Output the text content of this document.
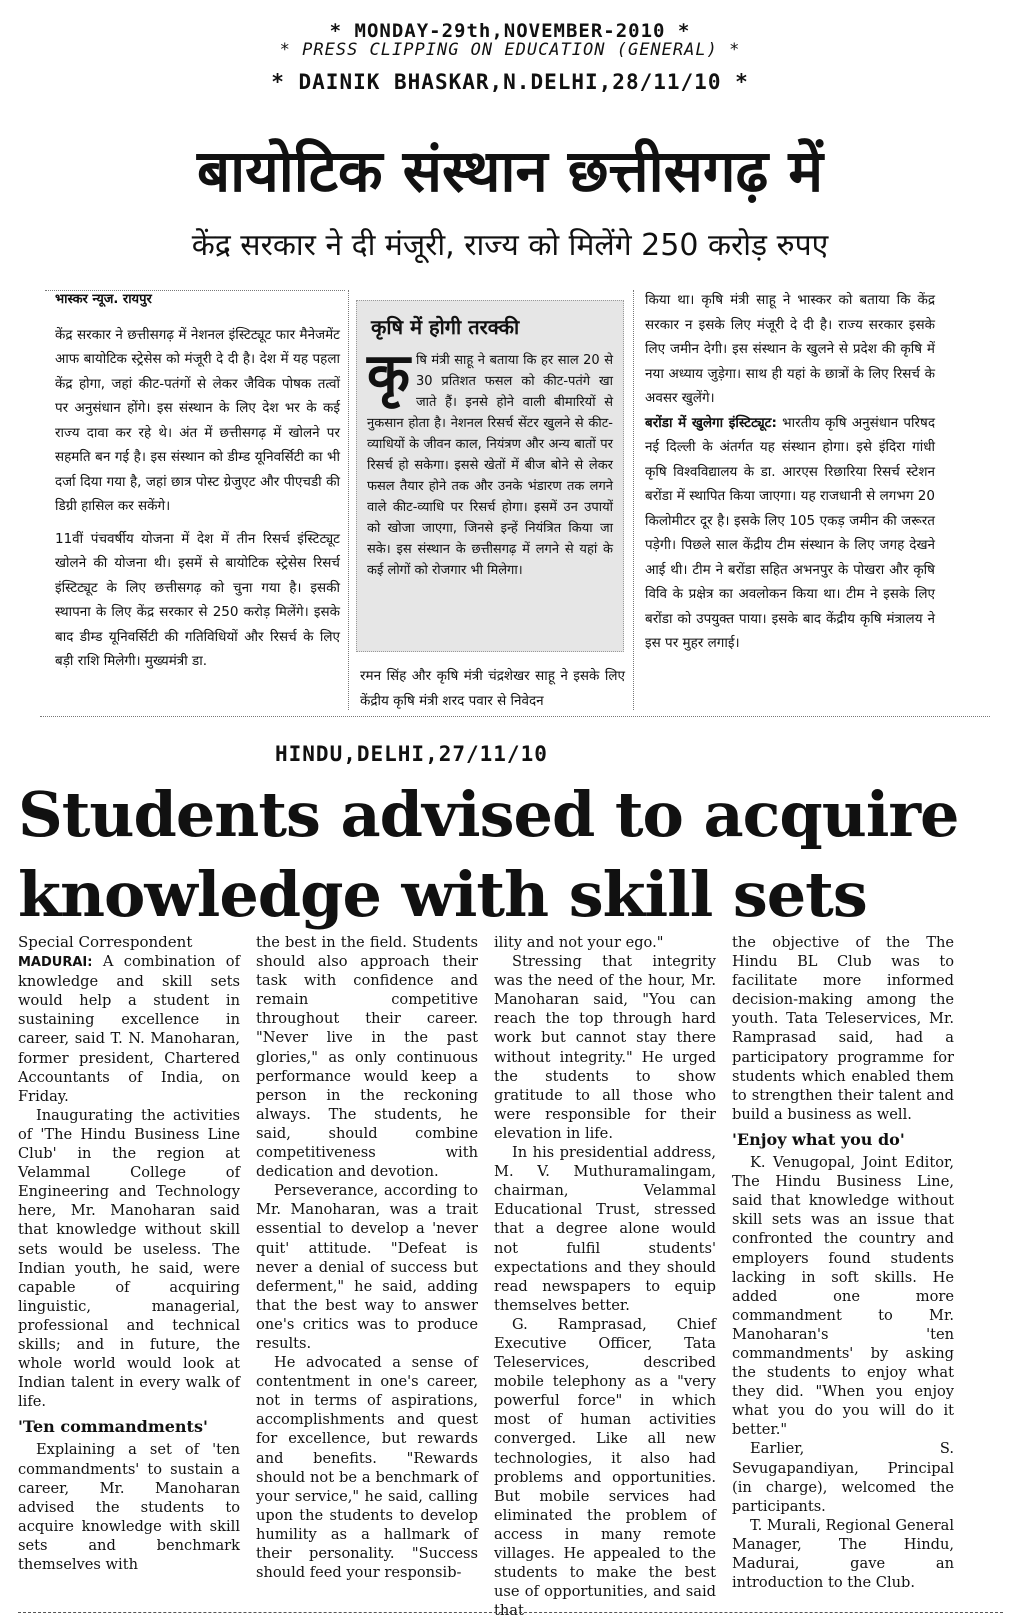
* MONDAY-29th,NOVEMBER-2010 *
* PRESS CLIPPING ON EDUCATION (GENERAL) *
* DAINIK BHASKAR,N.DELHI,28/11/10 *
बायोटिक संस्थान छत्तीसगढ़ में
केंद्र सरकार ने दी मंजूरी, राज्य को मिलेंगे 250 करोड़ रुपए

भास्कर न्यूज. रायपुर

केंद्र सरकार ने छत्तीसगढ़ में नेशनल इंस्टिट्यूट फार मैनेजमेंट आफ बायोटिक स्ट्रेसेस को मंजूरी दे दी है। देश में यह पहला केंद्र होगा, जहां कीट-पतंगों से लेकर जैविक पोषक तत्वों पर अनुसंधान होंगे। इस संस्थान के लिए देश भर के कई राज्य दावा कर रहे थे। अंत में छत्तीसगढ़ में खोलने पर सहमति बन गई है। इस संस्थान को डीम्ड यूनिवर्सिटी का भी दर्जा दिया गया है, जहां छात्र पोस्ट ग्रेजुएट और पीएचडी की डिग्री हासिल कर सकेंगे।

11वीं पंचवर्षीय योजना में देश में तीन रिसर्च इंस्टिट्यूट खोलने की योजना थी। इसमें से बायोटिक स्ट्रेसेस रिसर्च इंस्टिट्यूट के लिए छत्तीसगढ़ को चुना गया है। इसकी स्थापना के लिए केंद्र सरकार से 250 करोड़ मिलेंगे। इसके बाद डीम्ड यूनिवर्सिटी की गतिविधियों और रिसर्च के लिए बड़ी राशि मिलेगी। मुख्यमंत्री डा.

कृषि में होगी तरक्की
कृषि मंत्री साहू ने बताया कि हर साल 20 से 30 प्रतिशत फसल को कीट-पतंगे खा जाते हैं। इनसे होने वाली बीमारियों से नुकसान होता है। नेशनल रिसर्च सेंटर खुलने से कीट-व्याधियों के जीवन काल, नियंत्रण और अन्य बातों पर रिसर्च हो सकेगा। इससे खेतों में बीज बोने से लेकर फसल तैयार होने तक और उनके भंडारण तक लगने वाले कीट-व्याधि पर रिसर्च होगा। इसमें उन उपायों को खोजा जाएगा, जिनसे इन्हें नियंत्रित किया जा सके। इस संस्थान के छत्तीसगढ़ में लगने से यहां के कई लोगों को रोजगार भी मिलेगा।

रमन सिंह और कृषि मंत्री चंद्रशेखर साहू ने इसके लिए केंद्रीय कृषि मंत्री शरद पवार से निवेदन

किया था। कृषि मंत्री साहू ने भास्कर को बताया कि केंद्र सरकार न इसके लिए मंजूरी दे दी है। राज्य सरकार इसके लिए जमीन देगी। इस संस्थान के खुलने से प्रदेश की कृषि में नया अध्याय जुड़ेगा। साथ ही यहां के छात्रों के लिए रिसर्च के अवसर खुलेंगे।

बरोंडा में खुलेगा इंस्टिट्यूट: भारतीय कृषि अनुसंधान परिषद नई दिल्ली के अंतर्गत यह संस्थान होगा। इसे इंदिरा गांधी कृषि विश्वविद्यालय के डा. आरएस रिछारिया रिसर्च स्टेशन बरोंडा में स्थापित किया जाएगा। यह राजधानी से लगभग 20 किलोमीटर दूर है। इसके लिए 105 एकड़ जमीन की जरूरत पड़ेगी। पिछले साल केंद्रीय टीम संस्थान के लिए जगह देखने आई थी। टीम ने बरोंडा सहित अभनपुर के पोखरा और कृषि विवि के प्रक्षेत्र का अवलोकन किया था। टीम ने इसके लिए बरोंडा को उपयुक्त पाया। इसके बाद केंद्रीय कृषि मंत्रालय ने इस पर मुहर लगाई।

HINDU,DELHI,27/11/10
Students advised to acquire
knowledge with skill sets

Special Correspondent

MADURAI: A combination of knowledge and skill sets would help a student in sustaining excellence in career, said T. N. Manoharan, former president, Chartered Accountants of India, on Friday.

Inaugurating the activities of 'The Hindu Business Line Club' in the region at Velammal College of Engineering and Technology here, Mr. Manoharan said that knowledge without skill sets would be useless. The Indian youth, he said, were capable of acquiring linguistic, managerial, professional and technical skills; and in future, the whole world would look at Indian talent in every walk of life.

'Ten commandments'

Explaining a set of 'ten commandments' to sustain a career, Mr. Manoharan advised the students to acquire knowledge with skill sets and benchmark themselves with

the best in the field. Students should also approach their task with confidence and remain competitive throughout their career. "Never live in the past glories," as only continuous performance would keep a person in the reckoning always. The students, he said, should combine competitiveness with dedication and devotion.

Perseverance, according to Mr. Manoharan, was a trait essential to develop a 'never quit' attitude. "Defeat is never a denial of success but deferment," he said, adding that the best way to answer one's critics was to produce results.

He advocated a sense of contentment in one's career, not in terms of aspirations, accomplishments and quest for excellence, but rewards and benefits. "Rewards should not be a benchmark of your service," he said, calling upon the students to develop humility as a hallmark of their personality. "Success should feed your responsib-

ility and not your ego."

Stressing that integrity was the need of the hour, Mr. Manoharan said, "You can reach the top through hard work but cannot stay there without integrity." He urged the students to show gratitude to all those who were responsible for their elevation in life.

In his presidential address, M. V. Muthuramalingam, chairman, Velammal Educational Trust, stressed that a degree alone would not fulfil students' expectations and they should read newspapers to equip themselves better.

G. Ramprasad, Chief Executive Officer, Tata Teleservices, described mobile telephony as a "very powerful force" in which most of human activities converged. Like all new technologies, it also had problems and opportunities. But mobile services had eliminated the problem of access in many remote villages. He appealed to the students to make the best use of opportunities, and said that

the objective of the The Hindu BL Club was to facilitate more informed decision-making among the youth. Tata Teleservices, Mr. Ramprasad said, had a participatory programme for students which enabled them to strengthen their talent and build a business as well.

'Enjoy what you do'

K. Venugopal, Joint Editor, The Hindu Business Line, said that knowledge without skill sets was an issue that confronted the country and employers found students lacking in soft skills. He added one more commandment to Mr. Manoharan's 'ten commandments' by asking the students to enjoy what they did. "When you enjoy what you do you will do it better."

Earlier, S. Sevugapandiyan, Principal (in charge), welcomed the participants.

T. Murali, Regional General Manager, The Hindu, Madurai, gave an introduction to the Club.
